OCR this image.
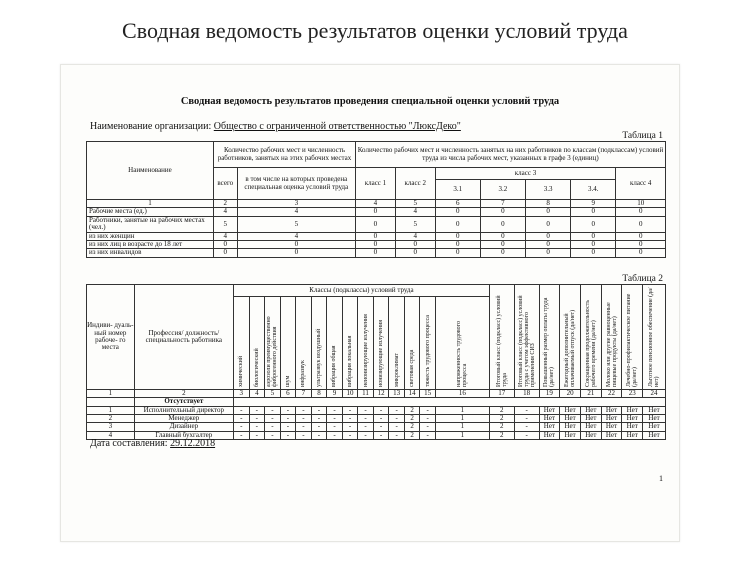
Сводная ведомость результатов оценки условий труда
Сводная ведомость результатов проведения специальной оценки условий труда
Наименование организации: Общество с ограниченной ответственностью "ЛюксДеко"
Таблица 1
Наименование	Количество рабочих мест и численность работников, занятых на этих рабочих местах		Количество рабочих мест и численность занятых на них работников по классам (подклассам) условий труда из числа рабочих мест, указанных в графе 3 (единиц)						
	всего	в том числе на которых проведена специальная оценка условий труда	класс 1	класс 2	класс 3				класс 4
					3.1	3.2	3.3	3.4.	
1	2	3	4	5	6	7	8	9	10
Рабочие места (ед.)	4	4	0	4	0	0	0	0	0
Работники, занятые на рабочих местах (чел.)	5	5	0	5	0	0	0	0	0
из них женщин	4	4	0	4	0	0	0	0	0
из них лиц в возрасте до 18 лет	0	0	0	0	0	0	0	0	0
из них инвалидов	0	0	0	0	0	0	0	0	0
Таблица 2
Индиви- дуаль- ный номер рабоче- го места	Профессия/ должность/ специальность работника	Классы (подклассы) условий труда														Итоговый класс (подкласс) условий труда	Итоговый класс (подкласс) условий труда с учетом эффективного применения СИЗ	Повышенный размер оплаты труда (да/нет)	Ежегодный дополнительный оплачиваемый отпуск (да/нет)	Сокращенная продолжительность рабочего времени (да/нет)	Молоко или другие равноценные пищевые продукты (да/нет)	Лечебно-профилактическое питание (да/нет)	Льготное пенсионное обеспечение (да/нет)

		химический	биологический	аэрозоли преимущественно фиброгенного действия	шум	инфразвук	ультразвук воздушный	вибрация общая	вибрация локальная	неионизирующие излучения	ионизирующие излучения	микроклимат	световая среда	тяжесть трудового процесса	напряженность трудового процесса								

1	2	3	4	5	6	7	8	9	10	11	12	13	14	15	16	17	18	19	20	21	22	23	24
	Отсутствует																						
1	Исполнительный директор	-	-	-	-	-	-	-	-	-	-	-	2	-	1	2	-	Нет	Нет	Нет	Нет	Нет	Нет
2	Менеджер	-	-	-	-	-	-	-	-	-	-	-	2	-	1	2	-	Нет	Нет	Нет	Нет	Нет	Нет
3	Дизайнер	-	-	-	-	-	-	-	-	-	-	-	2	-	1	2	-	Нет	Нет	Нет	Нет	Нет	Нет
4	Главный бухгалтер	-	-	-	-	-	-	-	-	-	-	-	2	-	1	2	-	Нет	Нет	Нет	Нет	Нет	Нет
Дата составления: 29.12.2018
1
